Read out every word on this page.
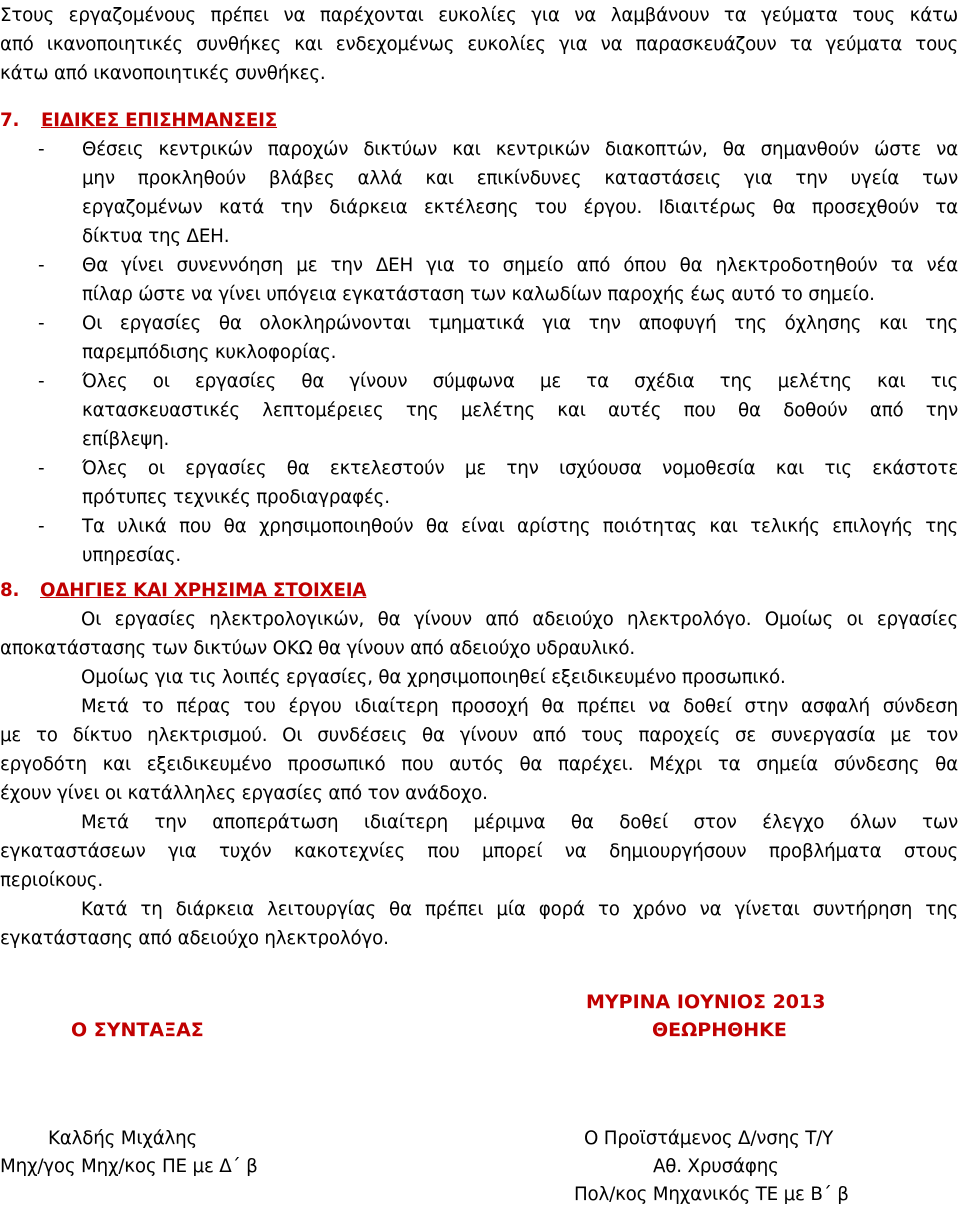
Στους εργαζομένους πρέπει να παρέχονται ευκολίες για να λαμβάνουν τα γεύματα τους κάτω

από ικανοποιητικές συνθήκες και ενδεχομένως ευκολίες για να παρασκευάζουν τα γεύματα τους

κάτω από ικανοποιητικές συνθήκες.

7. ΕΙΔΙΚΕΣ ΕΠΙΣΗΜΑΝΣΕΙΣ
- Θέσεις κεντρικών παροχών δικτύων και κεντρικών διακοπτών, θα σημανθούν ώστε να

μην προκληθούν βλάβες αλλά και επικίνδυνες καταστάσεις για την υγεία των

εργαζομένων κατά την διάρκεια εκτέλεσης του έργου. Ιδιαιτέρως θα προσεχθούν τα

δίκτυα της ΔΕΗ.

- Θα γίνει συνεννόηση με την ΔΕΗ για το σημείο από όπου θα ηλεκτροδοτηθούν τα νέα

πίλαρ ώστε να γίνει υπόγεια εγκατάσταση των καλωδίων παροχής έως αυτό το σημείο.

- Οι εργασίες θα ολοκληρώνονται τμηματικά για την αποφυγή της όχλησης και της

παρεμπόδισης κυκλοφορίας.

- Όλες οι εργασίες θα γίνουν σύμφωνα με τα σχέδια της μελέτης και τις

κατασκευαστικές λεπτομέρειες της μελέτης και αυτές που θα δοθούν από την

επίβλεψη.

- Όλες οι εργασίες θα εκτελεστούν με την ισχύουσα νομοθεσία και τις εκάστοτε

πρότυπες τεχνικές προδιαγραφές.

- Τα υλικά που θα χρησιμοποιηθούν θα είναι αρίστης ποιότητας και τελικής επιλογής της

υπηρεσίας.

8. ΟΔΗΓΙΕΣ ΚΑΙ ΧΡΗΣΙΜΑ ΣΤΟΙΧΕΙΑ

Οι εργασίες ηλεκτρολογικών, θα γίνουν από αδειούχο ηλεκτρολόγο. Ομοίως οι εργασίες

αποκατάστασης των δικτύων ΟΚΩ θα γίνουν από αδειούχο υδραυλικό.

Ομοίως για τις λοιπές εργασίες, θα χρησιμοποιηθεί εξειδικευμένο προσωπικό.

Μετά το πέρας του έργου ιδιαίτερη προσοχή θα πρέπει να δοθεί στην ασφαλή σύνδεση

με το δίκτυο ηλεκτρισμού. Οι συνδέσεις θα γίνουν από τους παροχείς σε συνεργασία με τον

εργοδότη και εξειδικευμένο προσωπικό που αυτός θα παρέχει. Μέχρι τα σημεία σύνδεσης θα

έχουν γίνει οι κατάλληλες εργασίες από τον ανάδοχο.

Μετά την αποπεράτωση ιδιαίτερη μέριμνα θα δοθεί στον έλεγχο όλων των

εγκαταστάσεων για τυχόν κακοτεχνίες που μπορεί να δημιουργήσουν προβλήματα στους

περιοίκους.

Κατά τη διάρκεια λειτουργίας θα πρέπει μία φορά το χρόνο να γίνεται συντήρηση της

εγκατάστασης από αδειούχο ηλεκτρολόγο.

ΜΥΡΙΝΑ ΙΟΥΝΙΟΣ 2013
Ο ΣΥΝΤΑΞΑΣ	ΘΕΩΡΗΘΗΚΕ
Καλδής Μιχάλης
Μηχ/γος Μηχ/κος ΠΕ με Δ΄ β
Ο Προϊστάμενος Δ/νσης Τ/Υ
Αθ. Χρυσάφης
Πολ/κος Μηχανικός ΤΕ με Β΄ β
